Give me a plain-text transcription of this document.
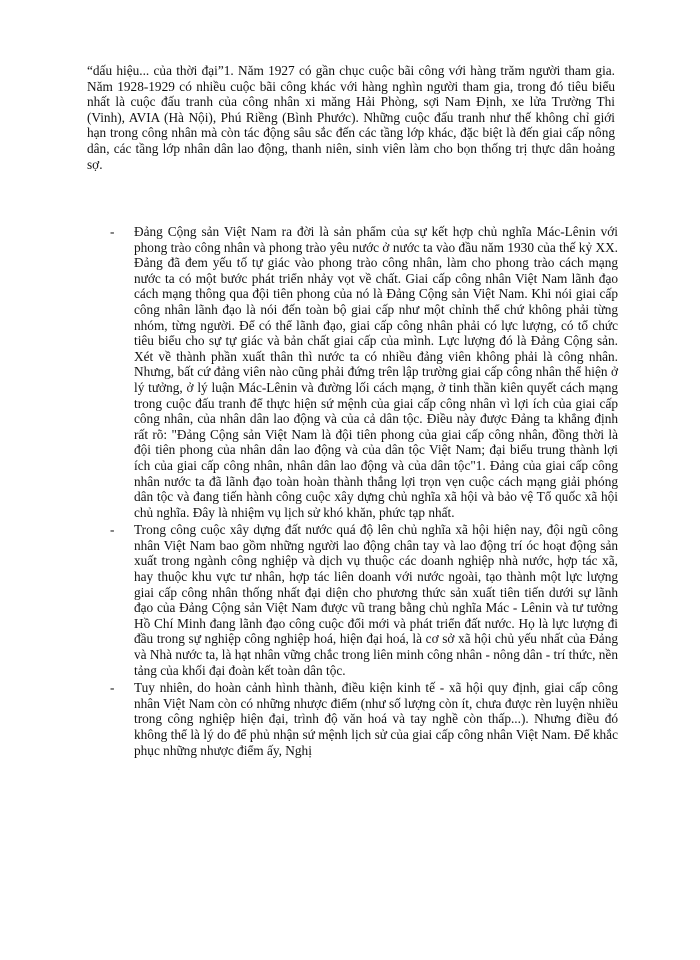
“dấu hiệu... của thời đại”1. Năm 1927 có gần chục cuộc bãi công với hàng trăm người tham gia. Năm 1928-1929 có nhiều cuộc bãi công khác với hàng nghìn người tham gia, trong đó tiêu biểu nhất là cuộc đấu tranh của công nhân xi măng Hải Phòng, sợi Nam Định, xe lửa Trường Thi (Vinh), AVIA (Hà Nội), Phú Riềng (Bình Phước). Những cuộc đấu tranh như thế không chỉ giới hạn trong công nhân mà còn tác động sâu sắc đến các tầng lớp khác, đặc biệt là đến giai cấp nông dân, các tầng lớp nhân dân lao động, thanh niên, sinh viên làm cho bọn thống trị thực dân hoảng sợ.

- Đảng Cộng sản Việt Nam ra đời là sản phẩm của sự kết hợp chủ nghĩa Mác-Lênin với phong trào công nhân và phong trào yêu nước ở nước ta vào đầu năm 1930 của thế kỷ XX. Đảng đã đem yếu tố tự giác vào phong trào công nhân, làm cho phong trào cách mạng nước ta có một bước phát triển nhảy vọt về chất. Giai cấp công nhân Việt Nam lãnh đạo cách mạng thông qua đội tiên phong của nó là Đảng Cộng sản Việt Nam. Khi nói giai cấp công nhân lãnh đạo là nói đến toàn bộ giai cấp như một chỉnh thể chứ không phải từng nhóm, từng người. Để có thể lãnh đạo, giai cấp công nhân phải có lực lượng, có tổ chức tiêu biểu cho sự tự giác và bản chất giai cấp của mình. Lực lượng đó là Đảng Cộng sản. Xét về thành phần xuất thân thì nước ta có nhiều đảng viên không phải là công nhân. Nhưng, bất cứ đảng viên nào cũng phải đứng trên lập trường giai cấp công nhân thể hiện ở lý tưởng, ở lý luận Mác-Lênin và đường lối cách mạng, ở tinh thần kiên quyết cách mạng trong cuộc đấu tranh để thực hiện sứ mệnh của giai cấp công nhân vì lợi ích của giai cấp công nhân, của nhân dân lao động và của cả dân tộc. Điều này được Đảng ta khẳng định rất rõ: "Đảng Cộng sản Việt Nam là đội tiên phong của giai cấp công nhân, đồng thời là đội tiên phong của nhân dân lao động và của dân tộc Việt Nam; đại biểu trung thành lợi ích của giai cấp công nhân, nhân dân lao động và của dân tộc"1. Đảng của giai cấp công nhân nước ta đã lãnh đạo toàn hoàn thành thắng lợi trọn vẹn cuộc cách mạng giải phóng dân tộc và đang tiến hành công cuộc xây dựng chủ nghĩa xã hội và bảo vệ Tổ quốc xã hội chủ nghĩa. Đây là nhiệm vụ lịch sử khó khăn, phức tạp nhất.
- Trong công cuộc xây dựng đất nước quá độ lên chủ nghĩa xã hội hiện nay, đội ngũ công nhân Việt Nam bao gồm những người lao động chân tay và lao động trí óc hoạt động sản xuất trong ngành công nghiệp và dịch vụ thuộc các doanh nghiệp nhà nước, hợp tác xã, hay thuộc khu vực tư nhân, hợp tác liên doanh với nước ngoài, tạo thành một lực lượng giai cấp công nhân thống nhất đại diện cho phương thức sản xuất tiên tiến dưới sự lãnh đạo của Đảng Cộng sản Việt Nam được vũ trang bằng chủ nghĩa Mác - Lênin và tư tưởng Hồ Chí Minh đang lãnh đạo công cuộc đổi mới và phát triển đất nước. Họ là lực lượng đi đầu trong sự nghiệp công nghiệp hoá, hiện đại hoá, là cơ sở xã hội chủ yếu nhất của Đảng và Nhà nước ta, là hạt nhân vững chắc trong liên minh công nhân - nông dân - trí thức, nền tảng của khối đại đoàn kết toàn dân tộc.
- Tuy nhiên, do hoàn cảnh hình thành, điều kiện kinh tế - xã hội quy định, giai cấp công nhân Việt Nam còn có những nhược điểm (như số lượng còn ít, chưa được rèn luyện nhiều trong công nghiệp hiện đại, trình độ văn hoá và tay nghề còn thấp...). Nhưng điều đó không thể là lý do để phủ nhận sứ mệnh lịch sử của giai cấp công nhân Việt Nam. Để khắc phục những nhược điểm ấy, Nghị
